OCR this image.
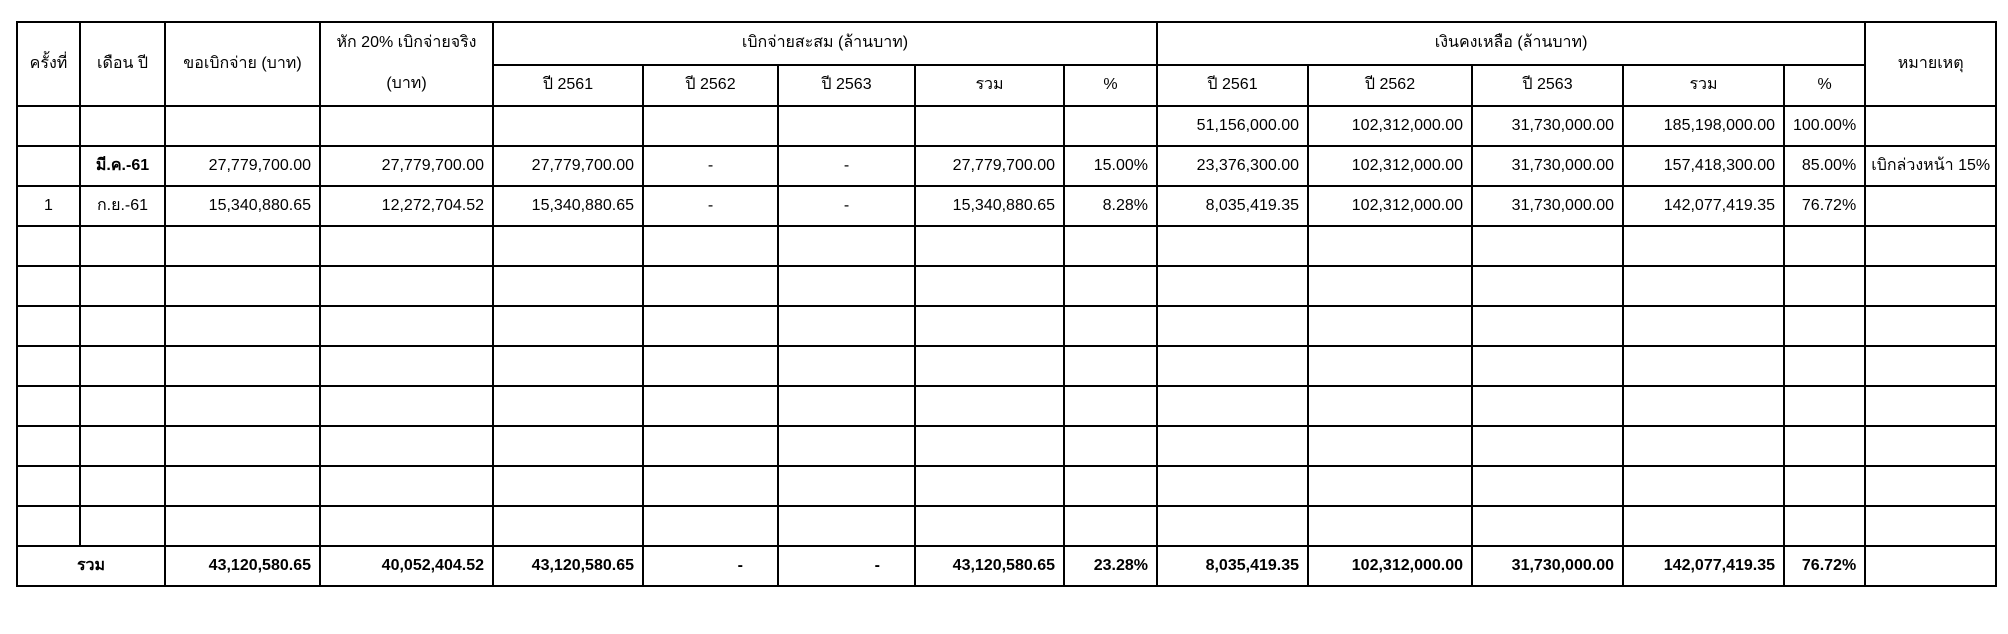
ครั้งที่	เดือน ปี	ขอเบิกจ่าย (บาท)	หัก 20% เบิกจ่ายจริง
(บาท)	เบิกจ่ายสะสม (ล้านบาท)					เงินคงเหลือ (ล้านบาท)					หมายเหตุ
				ปี 2561	ปี 2562	ปี 2563	รวม	%	ปี 2561	ปี 2562	ปี 2563	รวม	%	
									51,156,000.00	102,312,000.00	31,730,000.00	185,198,000.00	100.00%	
	มี.ค.-61	27,779,700.00	27,779,700.00	27,779,700.00	-	-	27,779,700.00	15.00%	23,376,300.00	102,312,000.00	31,730,000.00	157,418,300.00	85.00%	เบิกล่วงหน้า 15%
1	ก.ย.-61	15,340,880.65	12,272,704.52	15,340,880.65	-	-	15,340,880.65	8.28%	8,035,419.35	102,312,000.00	31,730,000.00	142,077,419.35	76.72%	

รวม		43,120,580.65	40,052,404.52	43,120,580.65	-	-	43,120,580.65	23.28%	8,035,419.35	102,312,000.00	31,730,000.00	142,077,419.35	76.72%	
